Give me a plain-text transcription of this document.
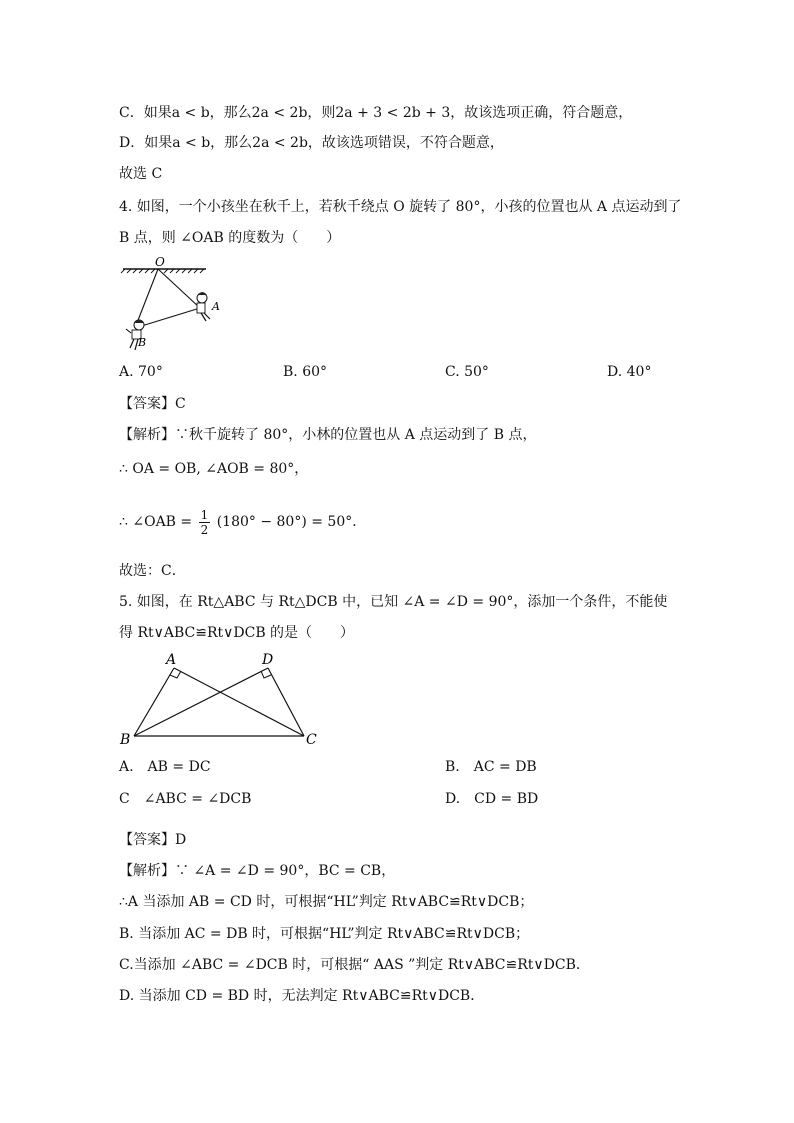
C．如果a < b，那么2a < 2b，则2a + 3 < 2b + 3，故该选项正确，符合题意，
D．如果a < b，那么2a < 2b，故该选项错误，不符合题意，
故选 C
4. 如图，一个小孩坐在秋千上，若秋千绕点 O 旋转了 80°，小孩的位置也从 A 点运动到了
B 点，则 ∠OAB 的度数为（　　）
O
A
B
A. 70°	B. 60°	C. 50°	D. 40°
【答案】C
【解析】∵秋千旋转了 80°，小林的位置也从 A 点运动到了 B 点，
∴ OA = OB, ∠AOB = 80°，
∴ ∠OAB = $\frac{1}{2} (180^\circ - 80^\circ) = 50^\circ$．
故选：C．
5. 如图，在 Rt△ABC 与 Rt△DCB 中，已知 ∠A = ∠D = 90°，添加一个条件，不能使
得 Rt∨ABC≌Rt∨DCB 的是（　　）
A	D
B	C
A.　AB = DC	B.　AC = DB
C　∠ABC = ∠DCB	D.　CD = BD
【答案】D
【解析】∵ ∠A = ∠D = 90°，BC = CB，
∴A 当添加 AB = CD 时，可根据“HL”判定 Rt∨ABC≌Rt∨DCB；
B. 当添加 AC = DB 时，可根据“HL”判定 Rt∨ABC≌Rt∨DCB；
C.当添加 ∠ABC = ∠DCB 时，可根据“ AAS ”判定 Rt∨ABC≌Rt∨DCB．
D. 当添加 CD = BD 时，无法判定 Rt∨ABC≌Rt∨DCB．
